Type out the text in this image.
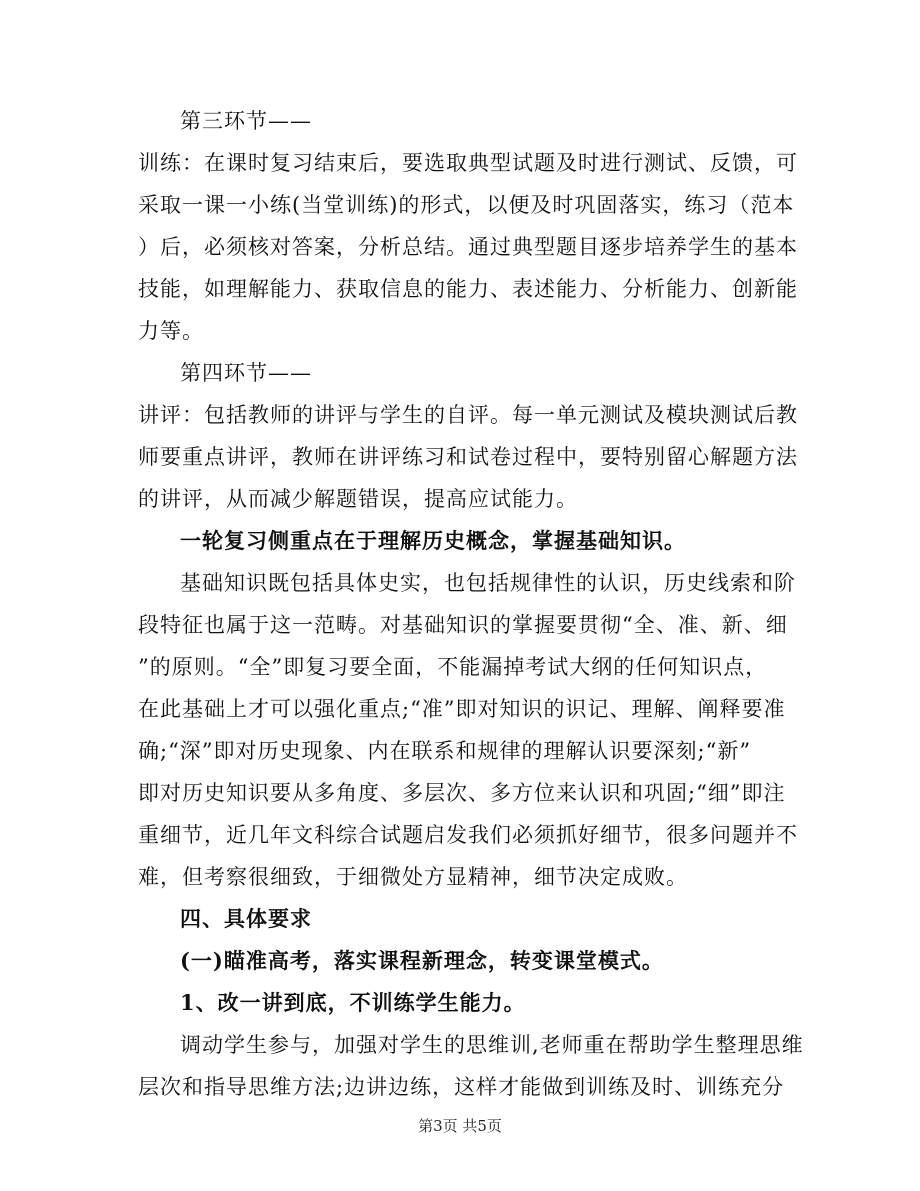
第三环节——

训练：在课时复习结束后，要选取典型试题及时进行测试、反馈，可

采取一课一小练(当堂训练)的形式，以便及时巩固落实，练习（范本

）后，必须核对答案，分析总结。通过典型题目逐步培养学生的基本

技能，如理解能力、获取信息的能力、表述能力、分析能力、创新能

力等。

第四环节——

讲评：包括教师的讲评与学生的自评。每一单元测试及模块测试后教

师要重点讲评，教师在讲评练习和试卷过程中，要特别留心解题方法

的讲评，从而减少解题错误，提高应试能力。

一轮复习侧重点在于理解历史概念，掌握基础知识。

基础知识既包括具体史实，也包括规律性的认识，历史线索和阶

段特征也属于这一范畴。对基础知识的掌握要贯彻“全、准、新、细

”的原则。“全”即复习要全面，不能漏掉考试大纲的任何知识点，

在此基础上才可以强化重点;“准”即对知识的识记、理解、阐释要准

确;“深”即对历史现象、内在联系和规律的理解认识要深刻;“新”

即对历史知识要从多角度、多层次、多方位来认识和巩固;“细”即注

重细节，近几年文科综合试题启发我们必须抓好细节，很多问题并不

难，但考察很细致，于细微处方显精神，细节决定成败。

四、具体要求

(一)瞄准高考，落实课程新理念，转变课堂模式。

1、改一讲到底，不训练学生能力。

调动学生参与，加强对学生的思维训,老师重在帮助学生整理思维

层次和指导思维方法;边讲边练，这样才能做到训练及时、训练充分

第3页 共5页
